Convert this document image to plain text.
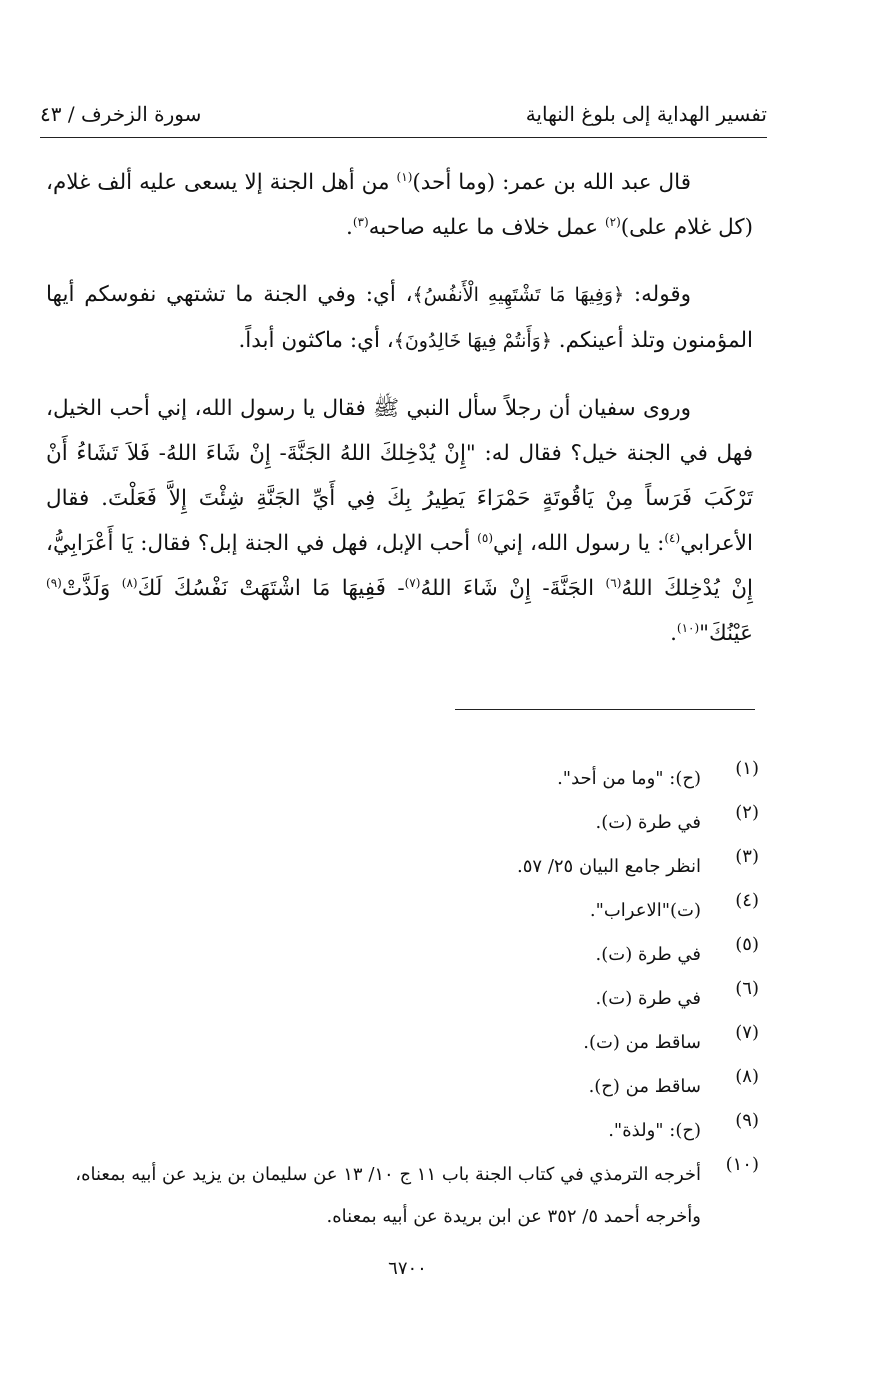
تفسير الهداية إلى بلوغ النهاية
سورة الزخرف / ٤٣

قال عبد الله بن عمر: (وما أحد)$^{(١)}$ من أهل الجنة إلا يسعى عليه ألف غلام، (كل غلام على)$^{(٢)}$ عمل خلاف ما عليه صاحبه$^{(٣)}$.

وقوله: ﴿وَفِيهَا مَا تَشْتَهِيهِ الْأَنفُسُ﴾، أي: وفي الجنة ما تشتهي نفوسكم أيها المؤمنون وتلذ أعينكم. ﴿وَأَنتُمْ فِيهَا خَالِدُونَ﴾، أي: ماكثون أبداً.

وروى سفيان أن رجلاً سأل النبي ﷺ فقال يا رسول الله، إني أحب الخيل، فهل في الجنة خيل؟ فقال له: "إِنْ يُدْخِلكَ اللهُ الجَنَّةَ- إِنْ شَاءَ اللهُ- فَلاَ تَشَاءُ أَنْ تَرْكَبَ فَرَساً مِنْ يَاقُوتَةٍ حَمْرَاءَ يَطِيرُ بِكَ فِي أَيِّ الجَنَّةِ شِئْتَ إِلاَّ فَعَلْتَ. فقال الأعرابي$^{(٤)}$: يا رسول الله، إني$^{(٥)}$ أحب الإبل، فهل في الجنة إبل؟ فقال: يَا أَعْرَابِيُّ، إِنْ يُدْخِلكَ اللهُ$^{(٦)}$ الجَنَّةَ- إِنْ شَاءَ اللهُ$^{(٧)}$- فَفِيهَا مَا اشْتَهَتْ نَفْسُكَ لَكَ$^{(٨)}$ وَلَذَّتْ$^{(٩)}$ عَيْنُكَ"$^{(١٠)}$.

(١)
(ح): "وما من أحد".
(٢)
في طرة (ت).
(٣)
انظر جامع البيان ٢٥/ ٥٧.
(٤)
(ت)"الاعراب".
(٥)
في طرة (ت).
(٦)
في طرة (ت).
(٧)
ساقط من (ت).
(٨)
ساقط من (ح).
(٩)
(ح): "ولذة".
(١٠)
أخرجه الترمذي في كتاب الجنة باب ١١ ج ١٠/ ١٣ عن سليمان بن يزيد عن أبيه بمعناه، وأخرجه أحمد ٥/ ٣٥٢ عن ابن بريدة عن أبيه بمعناه.
٦٧٠٠
